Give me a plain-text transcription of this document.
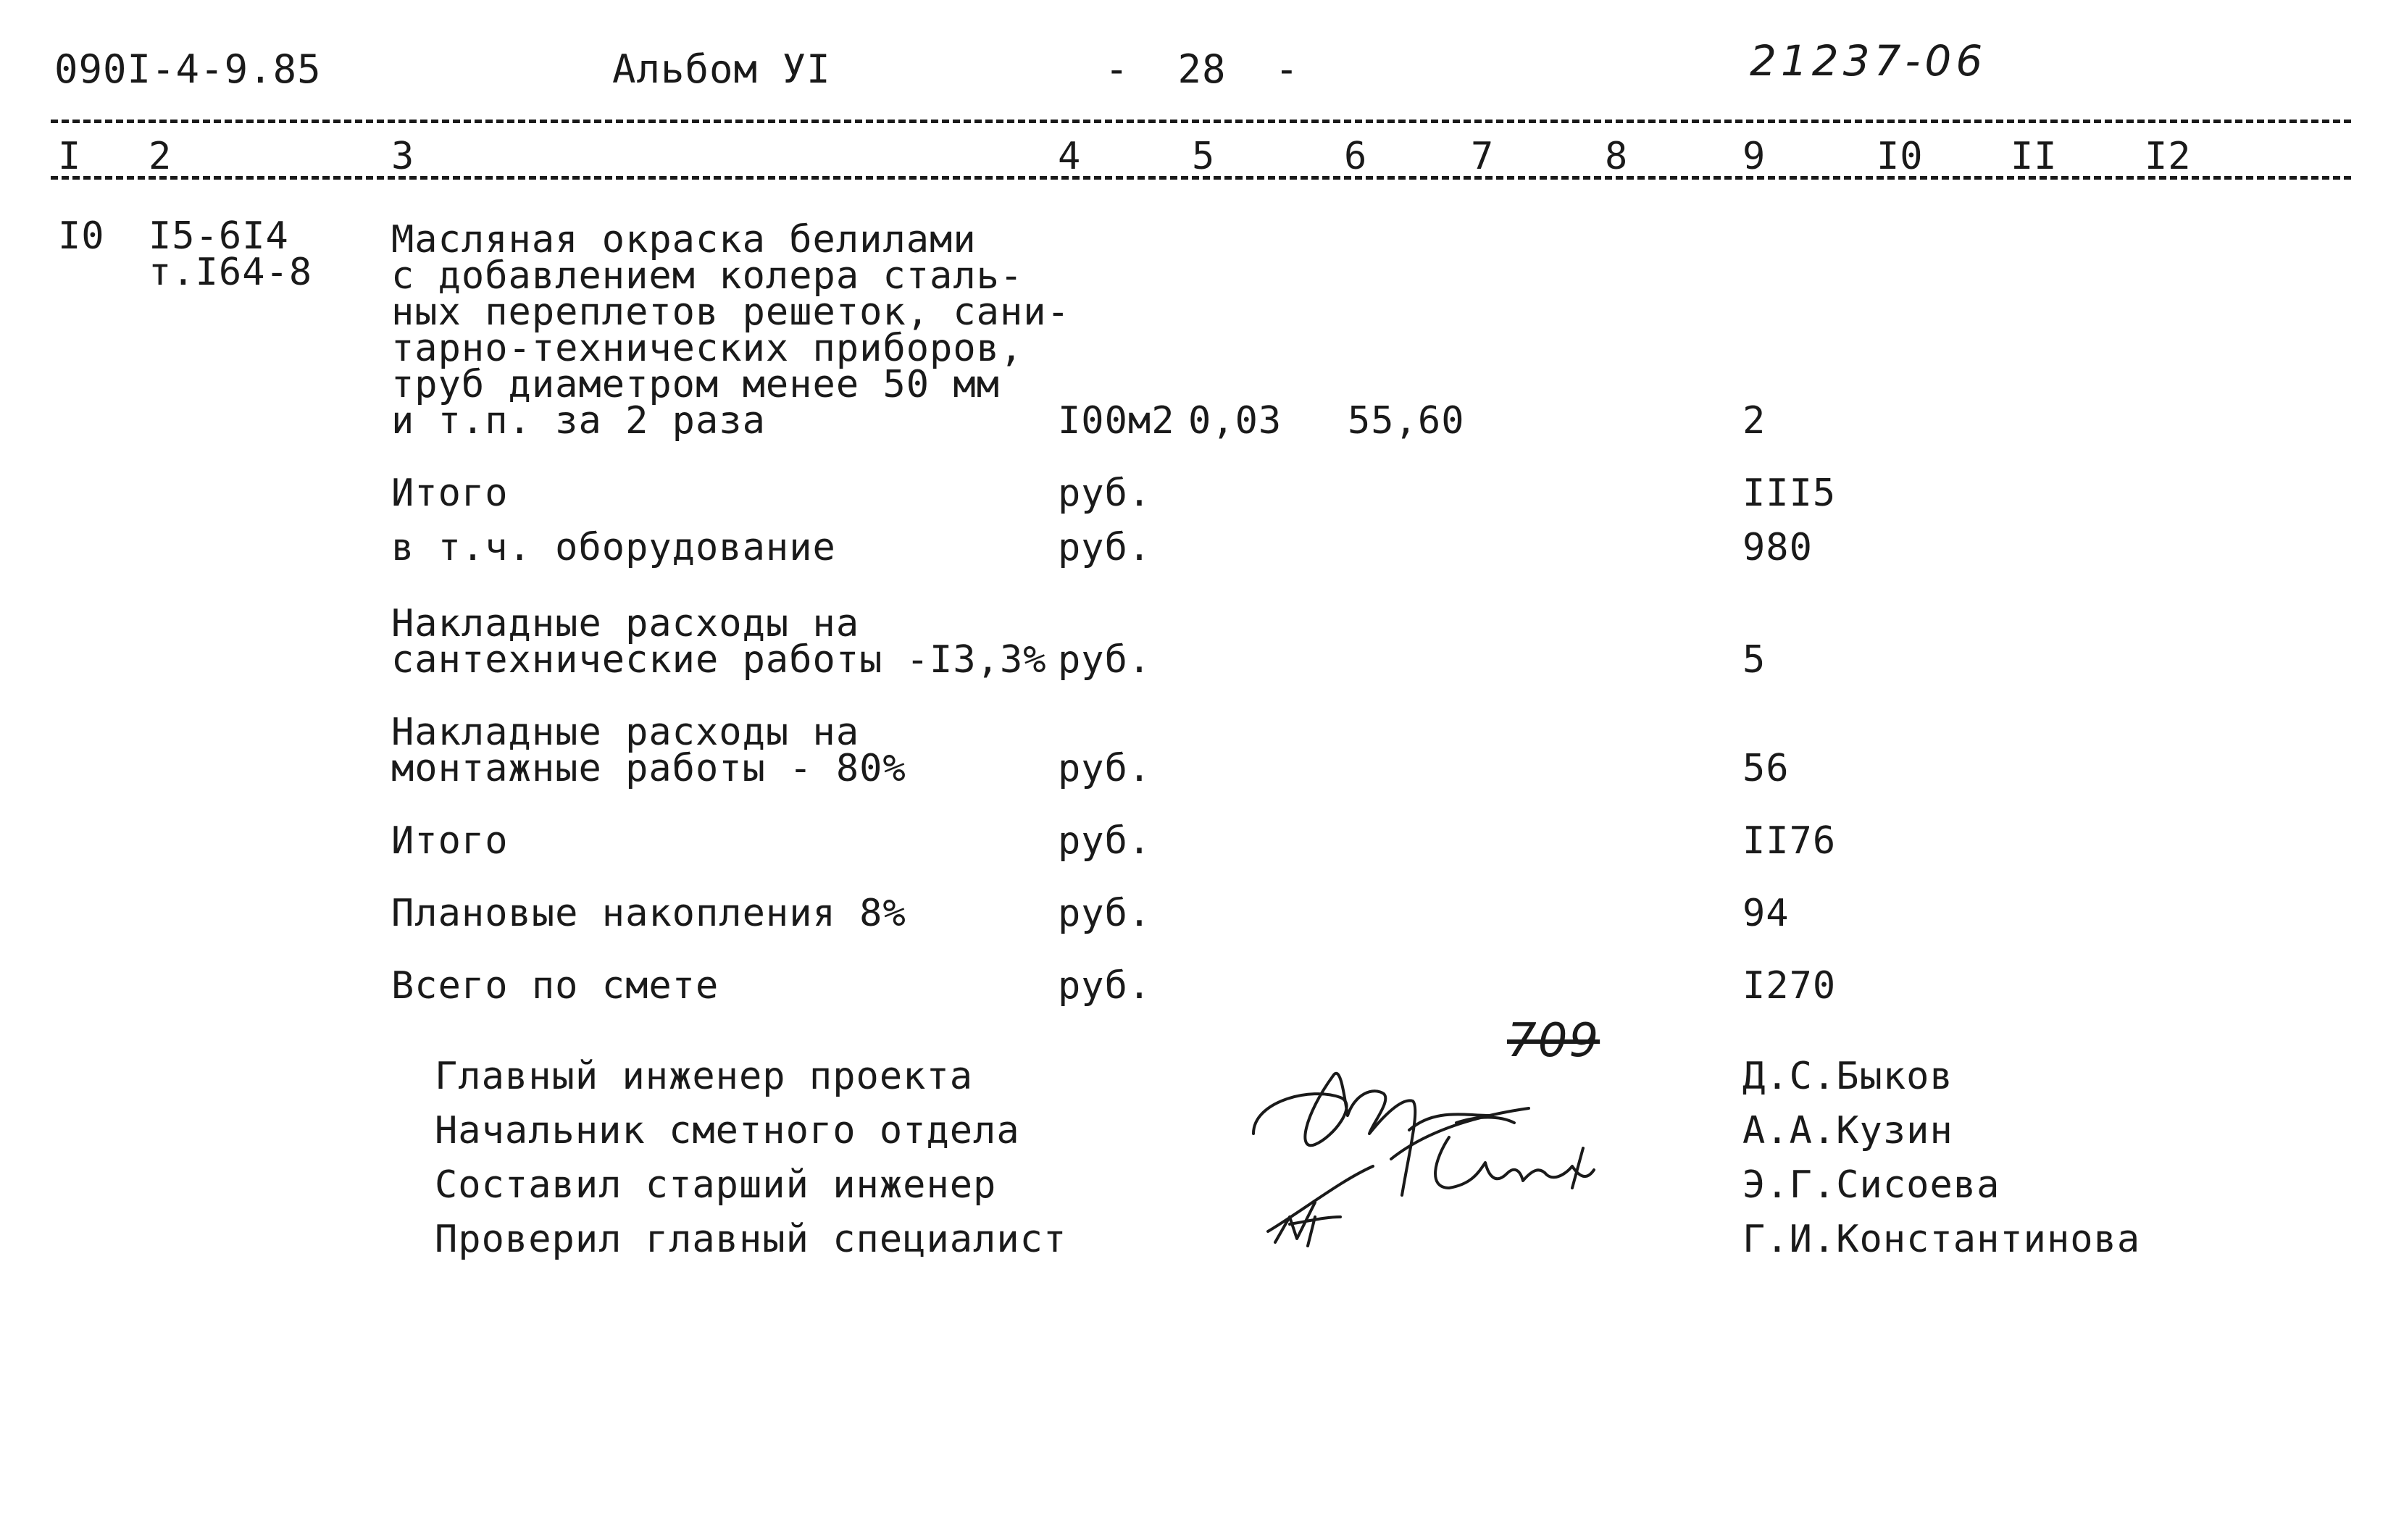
090I-4-9.85	Альбом УI	-  28  -	21237-06
I 2	3	4	5	6	7	8	9	I0 II I2
I0 I5-6I4
т.I64-8
Масляная окраска белилами
с добавлением колера сталь-
ных переплетов решеток, сани-
тарно-технических приборов,
труб диаметром менее 50 мм
и т.п. за 2 раза	I00м2 0,03 55,60	2
Итого	руб.	III5
в т.ч. оборудование	руб.	980
Накладные расходы на
сантехнические работы -I3,3% руб.	5
Накладные расходы на
монтажные работы - 80%	руб.	56
Итого	руб.	II76
Плановые накопления 8%	руб.	94
Всего по смете	руб.	I270
Главный инженер проекта	Д.С.Быков
Начальник сметного отдела	А.А.Кузин
Составил старший инженер	Э.Г.Сисоева
Проверил главный специалист	Г.И.Константинова
709
